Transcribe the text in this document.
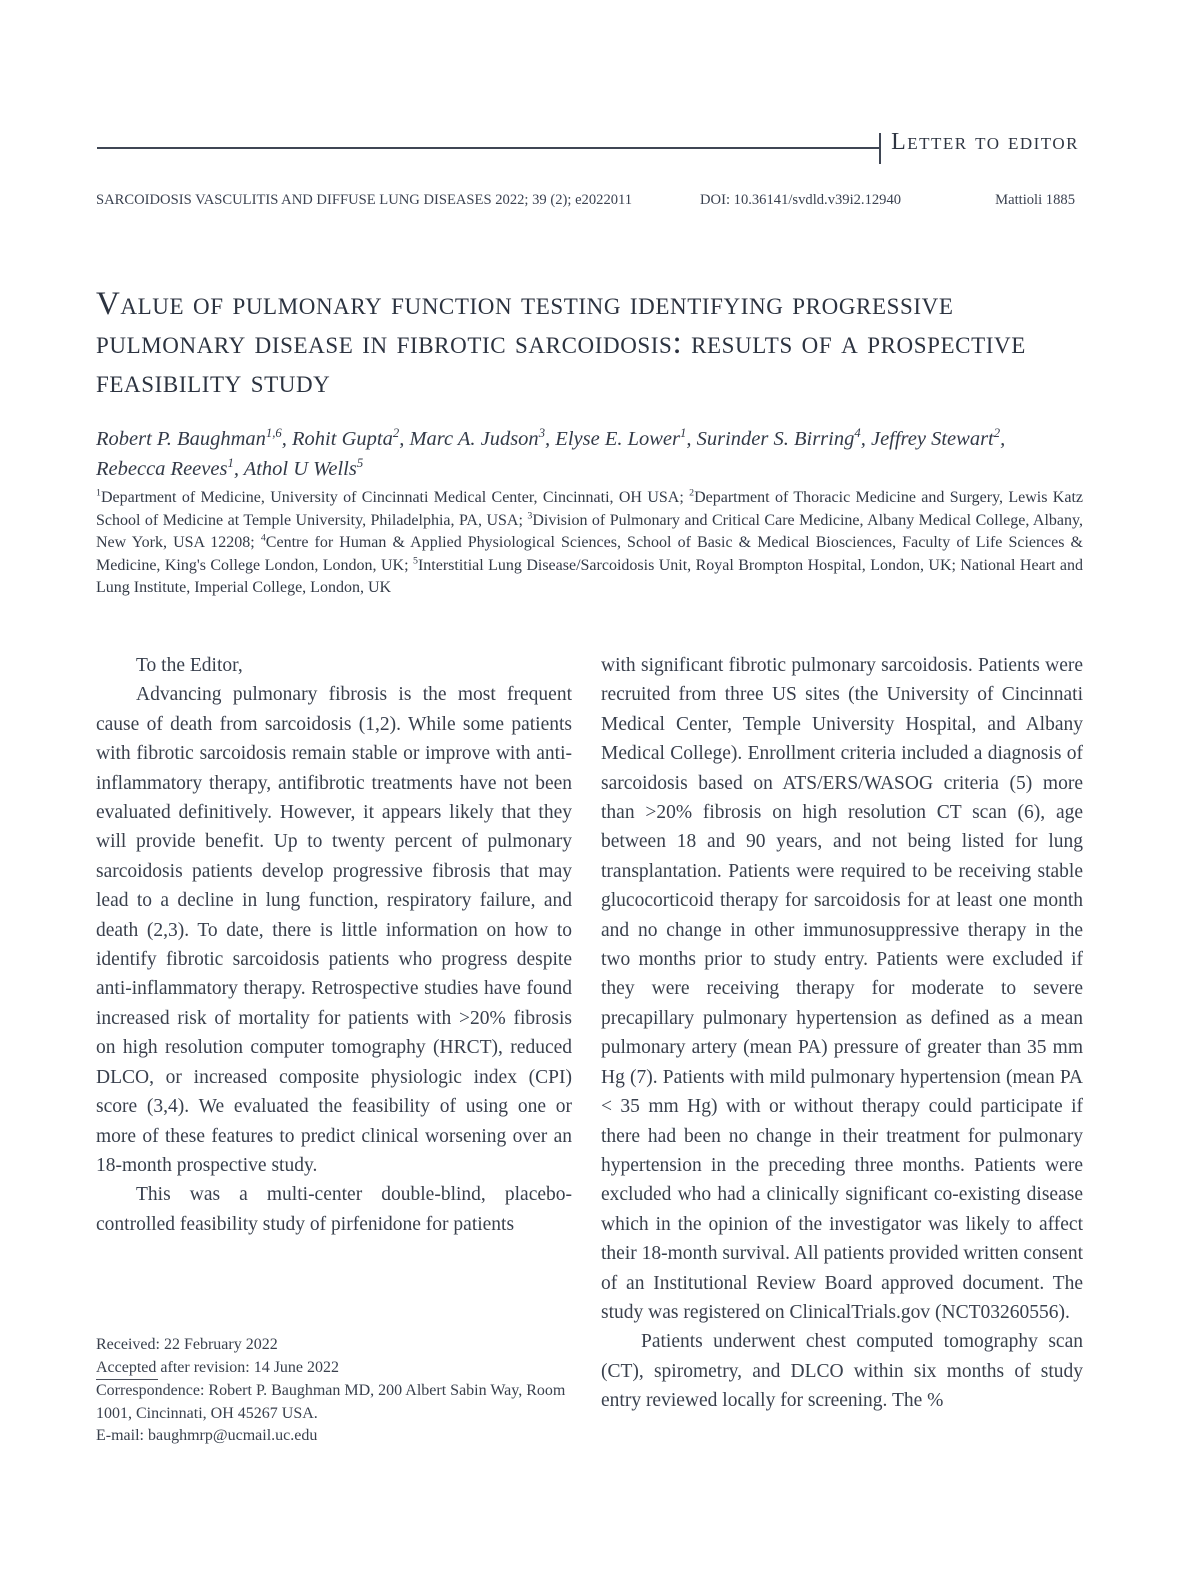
Letter to editor
SARCOIDOSIS VASCULITIS AND DIFFUSE LUNG DISEASES 2022; 39 (2); e2022011	DOI: 10.36141/svdld.v39i2.12940	Mattioli 1885
Value of pulmonary function testing identifying progressive pulmonary disease in fibrotic sarcoidosis: results of a prospective feasibility study
Robert P. Baughman$^{1,6}$, Rohit Gupta$^2$, Marc A. Judson$^3$, Elyse E. Lower$^1$, Surinder S. Birring$^4$, Jeffrey Stewart$^2$, Rebecca Reeves$^1$, Athol U Wells$^5$
$^1$Department of Medicine, University of Cincinnati Medical Center, Cincinnati, OH USA; $^2$Department of Thoracic Medicine and Surgery, Lewis Katz School of Medicine at Temple University, Philadelphia, PA, USA; $^3$Division of Pulmonary and Critical Care Medicine, Albany Medical College, Albany, New York, USA 12208; $^4$Centre for Human & Applied Physiological Sciences, School of Basic & Medical Biosciences, Faculty of Life Sciences & Medicine, King's College London, London, UK; $^5$Interstitial Lung Disease/Sarcoidosis Unit, Royal Brompton Hospital, London, UK; National Heart and Lung Institute, Imperial College, London, UK

To the Editor,

Advancing pulmonary fibrosis is the most frequent cause of death from sarcoidosis (1,2). While some patients with fibrotic sarcoidosis remain stable or improve with anti-inflammatory therapy, antifibrotic treatments have not been evaluated definitively. However, it appears likely that they will provide benefit. Up to twenty percent of pulmonary sarcoidosis patients develop progressive fibrosis that may lead to a decline in lung function, respiratory failure, and death (2,3). To date, there is little information on how to identify fibrotic sarcoidosis patients who progress despite anti-inflammatory therapy. Retrospective studies have found increased risk of mortality for patients with >20% fibrosis on high resolution computer tomography (HRCT), reduced DLCO, or increased composite physiologic index (CPI) score (3,4). We evaluated the feasibility of using one or more of these features to predict clinical worsening over an 18-month prospective study.

This was a multi-center double-blind, placebo-controlled feasibility study of pirfenidone for patients

with significant fibrotic pulmonary sarcoidosis. Patients were recruited from three US sites (the University of Cincinnati Medical Center, Temple University Hospital, and Albany Medical College). Enrollment criteria included a diagnosis of sarcoidosis based on ATS/ERS/WASOG criteria (5) more than >20% fibrosis on high resolution CT scan (6), age between 18 and 90 years, and not being listed for lung transplantation. Patients were required to be receiving stable glucocorticoid therapy for sarcoidosis for at least one month and no change in other immunosuppressive therapy in the two months prior to study entry. Patients were excluded if they were receiving therapy for moderate to severe precapillary pulmonary hypertension as defined as a mean pulmonary artery (mean PA) pressure of greater than 35 mm Hg (7). Patients with mild pulmonary hypertension (mean PA < 35 mm Hg) with or without therapy could participate if there had been no change in their treatment for pulmonary hypertension in the preceding three months. Patients were excluded who had a clinically significant co-existing disease which in the opinion of the investigator was likely to affect their 18-month survival. All patients provided written consent of an Institutional Review Board approved document. The study was registered on ClinicalTrials.gov (NCT03260556).

Patients underwent chest computed tomography scan (CT), spirometry, and DLCO within six months of study entry reviewed locally for screening. The %

Received: 22 February 2022
Accepted after revision: 14 June 2022
Correspondence: Robert P. Baughman MD, 200 Albert Sabin Way, Room 1001, Cincinnati, OH 45267 USA.
E-mail: baughmrp@ucmail.uc.edu
